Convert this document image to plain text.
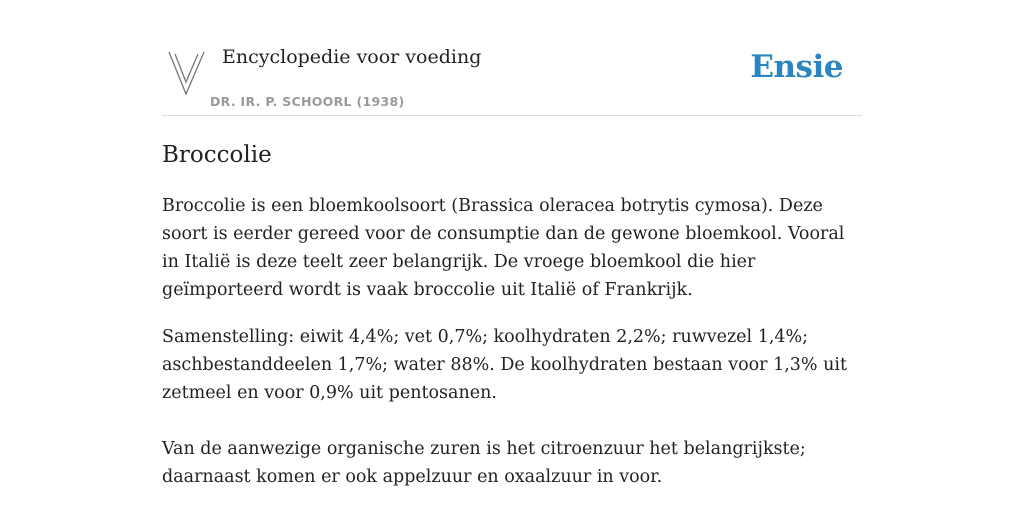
Encyclopedie voor voeding
DR. IR. P. SCHOORL (1938)
Ensie
Broccolie

Broccolie is een bloemkoolsoort (Brassica oleracea botrytis cymosa). Deze soort is eerder gereed voor de consumptie dan de gewone bloemkool. Vooral in Italië is deze teelt zeer belangrijk. De vroege bloemkool die hier geïmporteerd wordt is vaak broccolie uit Italië of Frankrijk.

Samenstelling: eiwit 4,4%; vet 0,7%; koolhydraten 2,2%; ruwvezel 1,4%; aschbestanddeelen 1,7%; water 88%. De koolhydraten bestaan voor 1,3% uit zetmeel en voor 0,9% uit pentosanen.

Van de aanwezige organische zuren is het citroenzuur het belangrijkste; daarnaast komen er ook appelzuur en oxaalzuur in voor.
